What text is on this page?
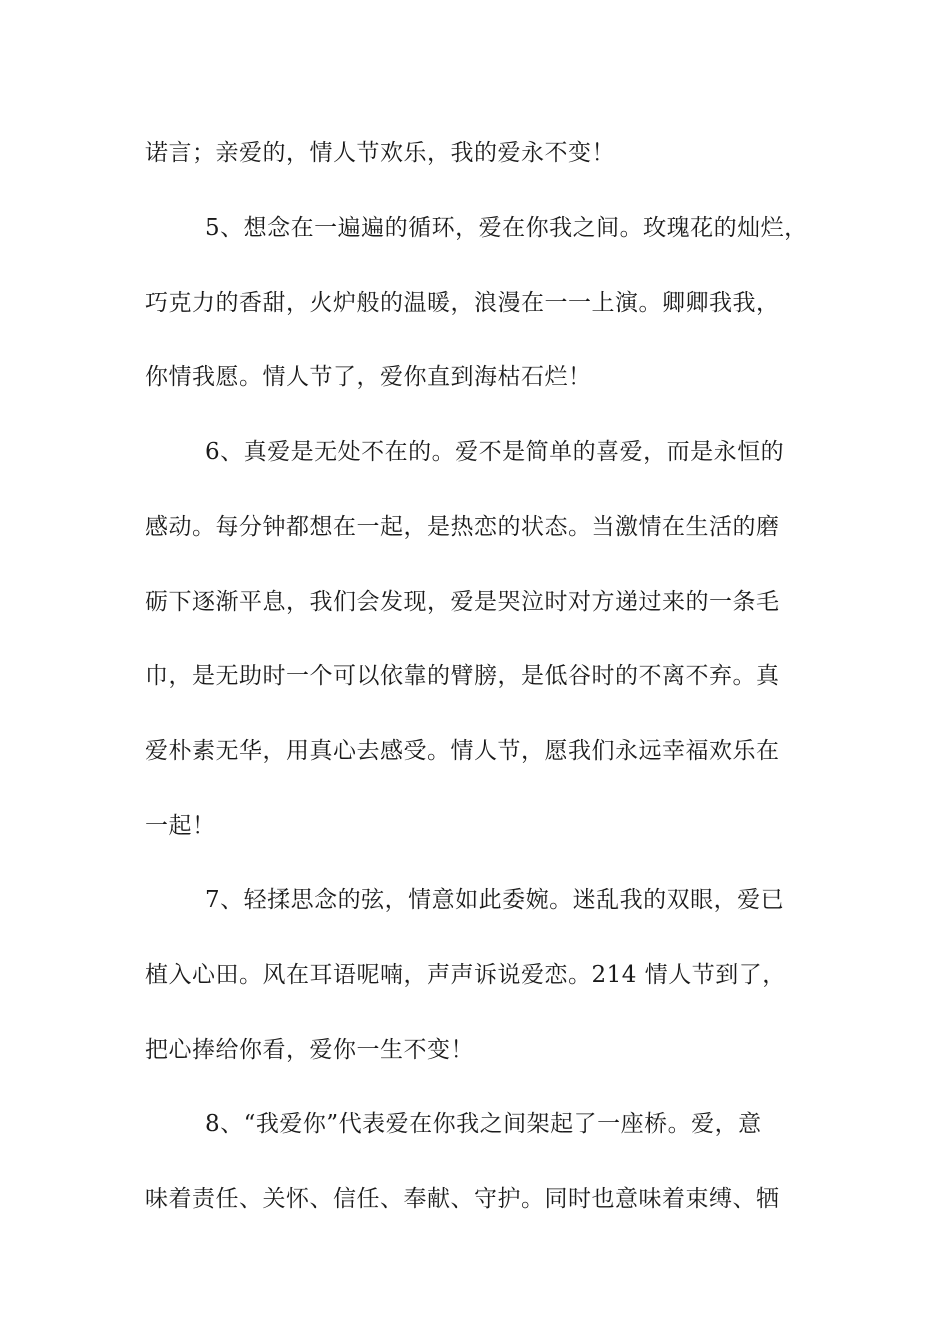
诺言；亲爱的，情人节欢乐，我的爱永不变！
5、想念在一遍遍的循环，爱在你我之间。玫瑰花的灿烂，
巧克力的香甜，火炉般的温暖，浪漫在一一上演。卿卿我我，
你情我愿。情人节了，爱你直到海枯石烂！
6、真爱是无处不在的。爱不是简单的喜爱，而是永恒的
感动。每分钟都想在一起，是热恋的状态。当激情在生活的磨
砺下逐渐平息，我们会发现，爱是哭泣时对方递过来的一条毛
巾，是无助时一个可以依靠的臂膀，是低谷时的不离不弃。真
爱朴素无华，用真心去感受。情人节，愿我们永远幸福欢乐在
一起！
7、轻揉思念的弦，情意如此委婉。迷乱我的双眼，爱已
植入心田。风在耳语呢喃，声声诉说爱恋。214 情人节到了，
把心捧给你看，爱你一生不变！
8、“我爱你”代表爱在你我之间架起了一座桥。爱，意
味着责任、关怀、信任、奉献、守护。同时也意味着束缚、牺
